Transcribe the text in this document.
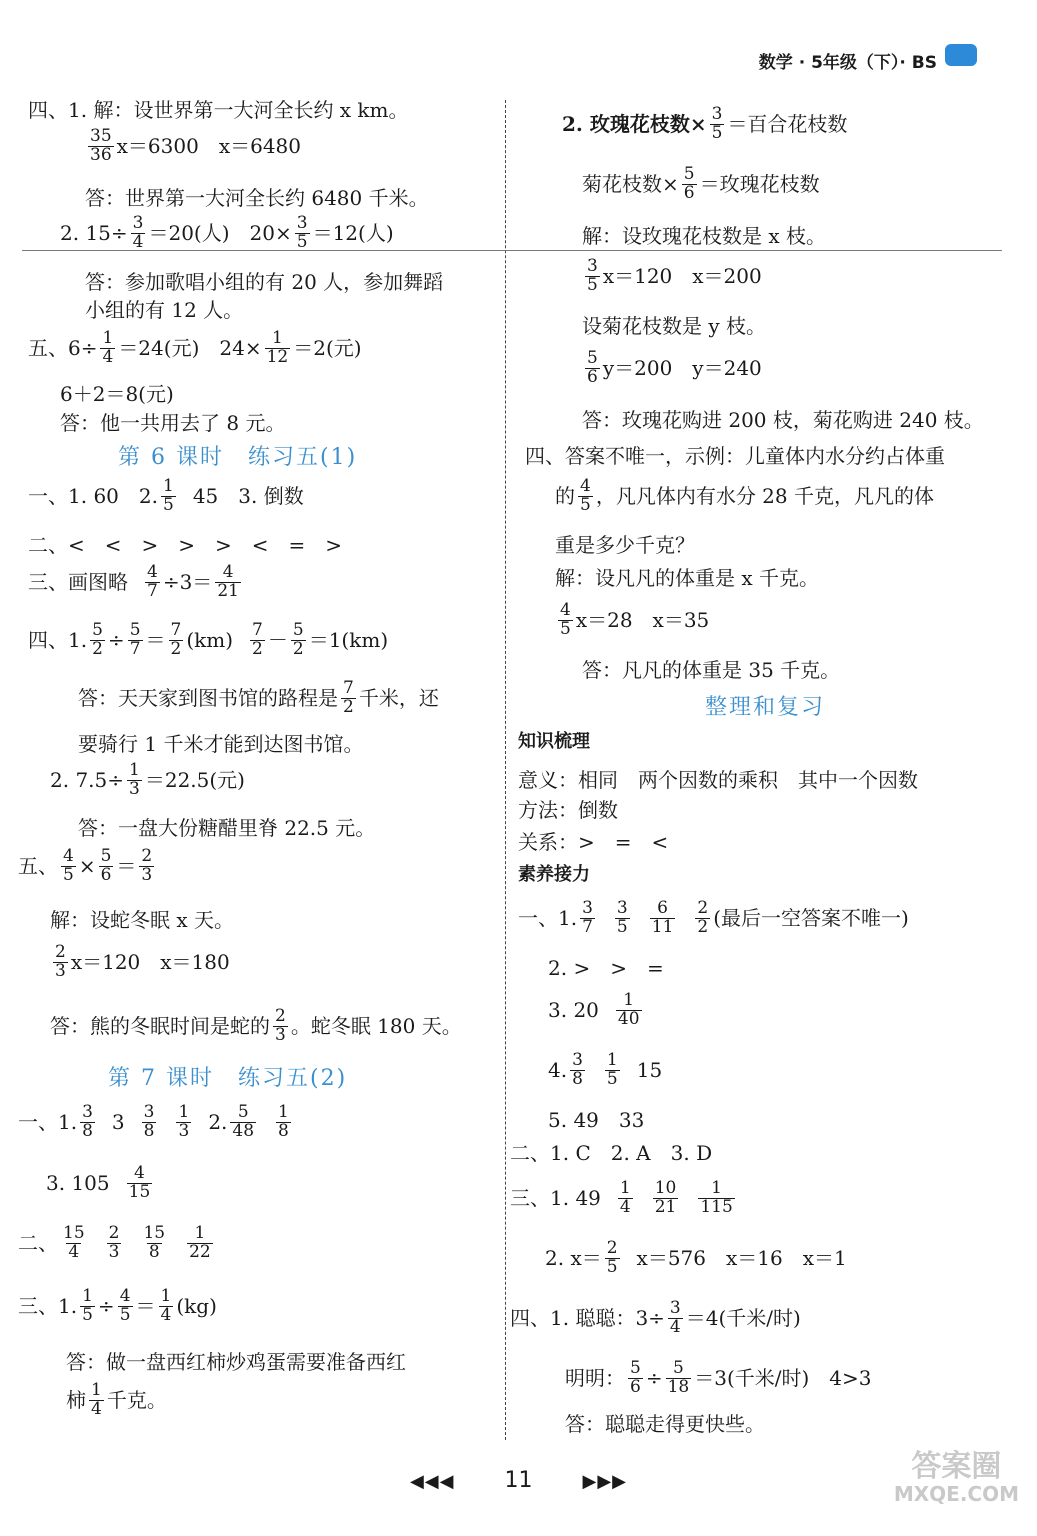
数学 · 5年级（下）· BS
四、1. 解：设世界第一大河全长约 x km。
$\frac{35}{36} x=6300$　x＝6480
答：世界第一大河全长约 6480 千米。
2. $15\div \frac{3}{4} =20$(人)　$20\times \frac{3}{5} =12$(人)
答：参加歌唱小组的有 20 人，参加舞蹈
小组的有 12 人。
五、$6\div \frac{1}{4} =24$(元)　$24\times \frac{1}{12} =2$(元)
6＋2＝8(元)
答：他一共用去了 8 元。
第 6 课时　练习五(1)
一、1. 60　2. $\frac{1}{5} 45$　3. 倒数
二、<　<　>　>　>　<　=　>
三、画图略 $\frac{4}{7} \div 3= \frac{4}{21}$
四、1. $\frac{5}{2} \div \frac{5}{7} = \frac{7}{2} (km) \frac{7}{2} - \frac{5}{2} =1(km)$
答：天天家到图书馆的路程是 $\frac{7}{2}$ 千米，还
要骑行 1 千米才能到达图书馆。
2. $7.5\div \frac{1}{3} =22.5$(元)
答：一盘大份糖醋里脊 22.5 元。
五、 $\frac{4}{5} \times \frac{5}{6} = \frac{2}{3}$
解：设蛇冬眠 x 天。
$\frac{2}{3} x=120$　x＝180
答：熊的冬眠时间是蛇的 $\frac{2}{3}$ 。蛇冬眠 180 天。
第 7 课时　练习五(2)
一、1. $\frac{3}{8} 3 \frac{3}{8} \frac{1}{3} 2$. $\frac{5}{48} \frac{1}{8}$
3. $105 \frac{4}{15}$
二、 $\frac{15}{4} \frac{2}{3} \frac{15}{8} \frac{1}{22}$
三、1. $\frac{1}{5} \div \frac{4}{5} = \frac{1}{4} (kg)$
答：做一盘西红柿炒鸡蛋需要准备西红
柿 $\frac{1}{4}$ 千克。
2. 玫瑰花枝数× $\frac{3}{5}$ ＝百合花枝数
菊花枝数× $\frac{5}{6}$ ＝玫瑰花枝数
解：设玫瑰花枝数是 x 枝。
$\frac{3}{5} x=120$　x＝200
设菊花枝数是 y 枝。
$\frac{5}{6} y=200$　y＝240
答：玫瑰花购进 200 枝，菊花购进 240 枝。
四、答案不唯一，示例：儿童体内水分约占体重
的 $\frac{4}{5}$ ，凡凡体内有水分 28 千克，凡凡的体
重是多少千克？
解：设凡凡的体重是 x 千克。
$\frac{4}{5} x=28$　x＝35
答：凡凡的体重是 35 千克。
整理和复习
知识梳理
意义：相同　两个因数的乘积　其中一个因数
方法：倒数
关系：>　=　<
素养接力
一、1. $\frac{3}{7} \frac{3}{5} \frac{6}{11} \frac{2}{2}$ (最后一空答案不唯一)
2. >　>　=
3. $20 \frac{1}{40}$
4. $\frac{3}{8} \frac{1}{5} 15$
5. 49　33
二、1. C　2. A　3. D
三、1. $49 \frac{1}{4} \frac{10}{21} \frac{1}{115}$
2. $x= \frac{2}{5} x=576$　x＝16　x＝1
四、1. 聪聪：$3\div \frac{3}{4} =4$(千米/时)
明明： $\frac{5}{6} \div \frac{5}{18} =3$(千米/时)　4>3
答：聪聪走得更快些。
◀◀◀ 11	▶▶▶	答案圈
MXQE.COM
